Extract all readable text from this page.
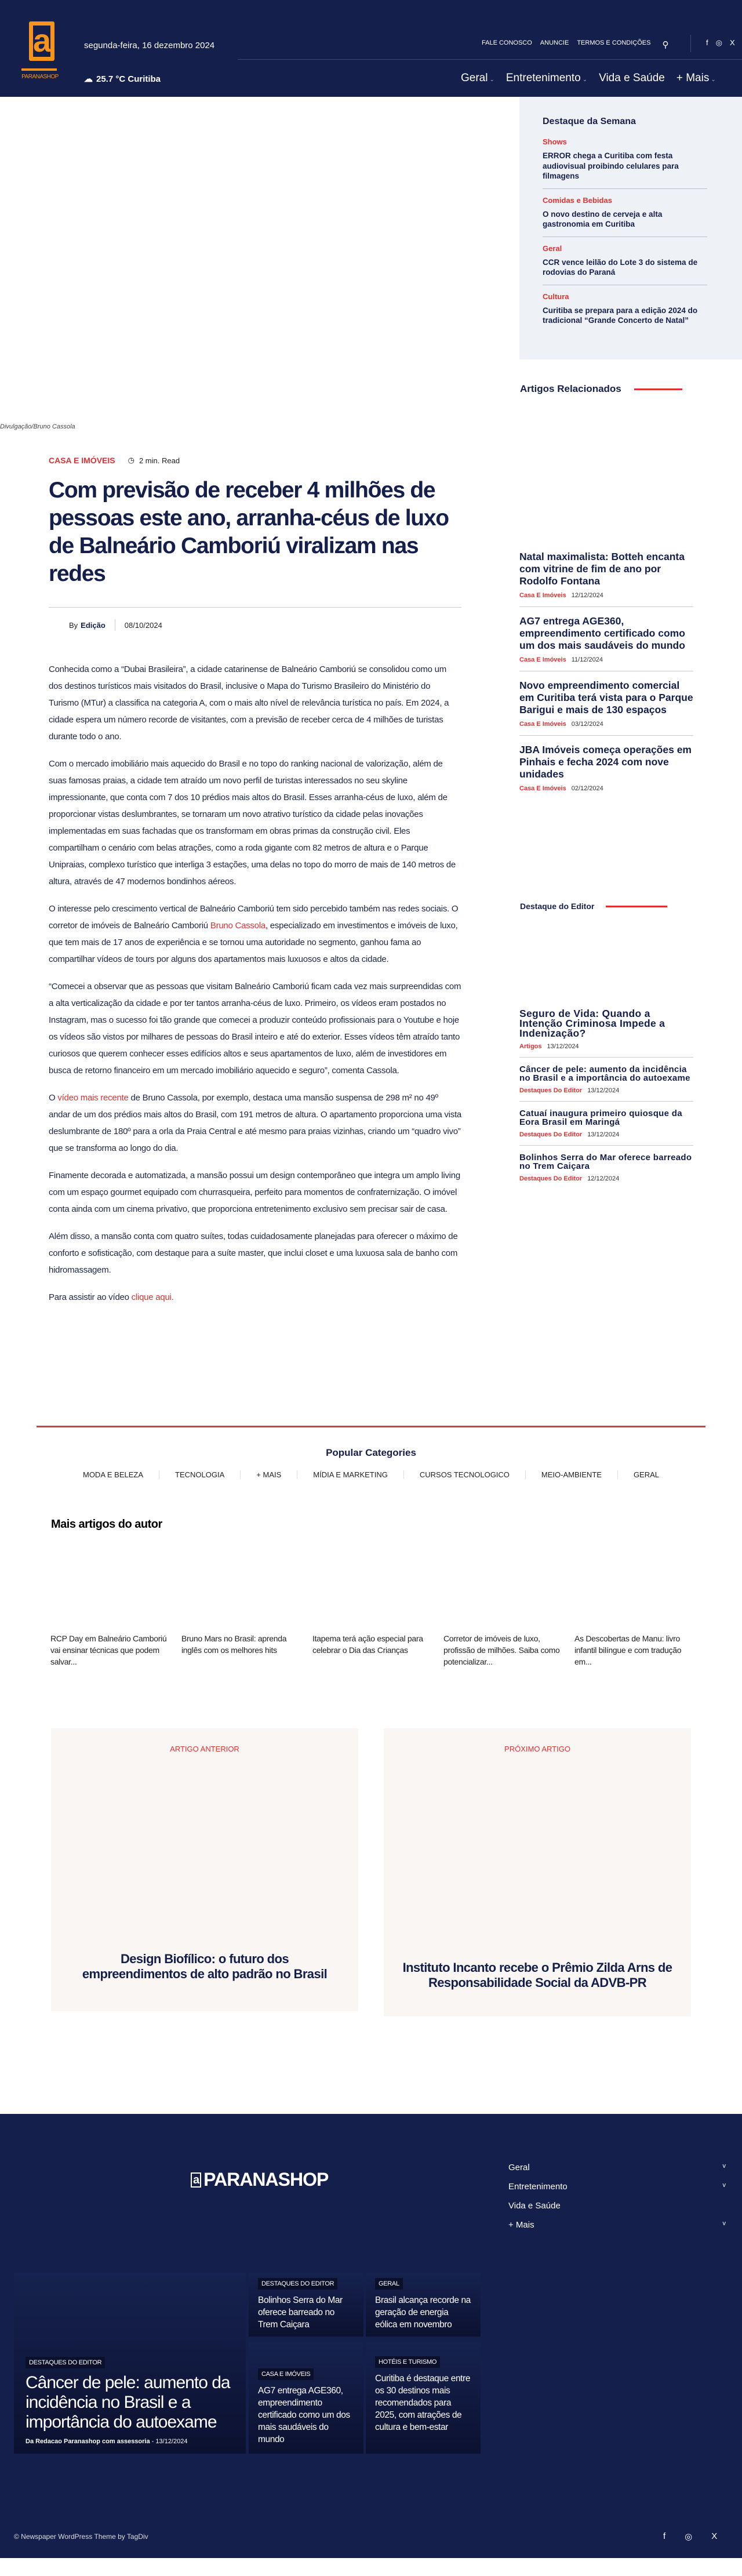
a
PARANASHOP
segunda-feira, 16 dezembro 2024
☁ 25.7 °C Curitiba
FALE CONOSCO ANUNCIE TERMOS E CONDIÇÕES ⚲	f ◎ X
Geral ⌄ Entretenimento ⌄ Vida e Saúde + Mais ⌄
Destaque da Semana
Shows
ERROR chega a Curitiba com festa audiovisual proibindo celulares para filmagens
Comidas e Bebidas
O novo destino de cerveja e alta gastronomia em Curitiba
Geral
CCR vence leilão do Lote 3 do sistema de rodovias do Paraná
Cultura
Curitiba se prepara para a edição 2024 do tradicional “Grande Concerto de Natal”
Artigos Relacionados
Natal maximalista: Botteh encanta com vitrine de fim de ano por Rodolfo Fontana
Casa E Imóveis 12/12/2024
AG7 entrega AGE360, empreendimento certificado como um dos mais saudáveis do mundo
Casa E Imóveis 11/12/2024
Novo empreendimento comercial em Curitiba terá vista para o Parque Barigui e mais de 130 espaços
Casa E Imóveis 03/12/2024
JBA Imóveis começa operações em Pinhais e fecha 2024 com nove unidades
Casa E Imóveis 02/12/2024
Destaque do Editor
Seguro de Vida: Quando a Intenção Criminosa Impede a Indenização?
Artigos 13/12/2024
Câncer de pele: aumento da incidência no Brasil e a importância do autoexame
Destaques Do Editor 13/12/2024
Catuaí inaugura primeiro quiosque da Eora Brasil em Maringá
Destaques Do Editor 13/12/2024
Bolinhos Serra do Mar oferece barreado no Trem Caiçara
Destaques Do Editor 12/12/2024
Divulgação/Bruno Cassola
CASA E IMÓVEIS ◷ 2 min. Read
Com previsão de receber 4 milhões de pessoas este ano, arranha-céus de luxo de Balneário Camboriú viralizam nas redes
By Edição	08/10/2024

Conhecida como a “Dubai Brasileira”, a cidade catarinense de Balneário Camboriú se consolidou como um dos destinos turísticos mais visitados do Brasil, inclusive o Mapa do Turismo Brasileiro do Ministério do Turismo (MTur) a classifica na categoria A, com o mais alto nível de relevância turística no país. Em 2024, a cidade espera um número recorde de visitantes, com a previsão de receber cerca de 4 milhões de turistas durante todo o ano.

Com o mercado imobiliário mais aquecido do Brasil e no topo do ranking nacional de valorização, além de suas famosas praias, a cidade tem atraído um novo perfil de turistas interessados no seu skyline impressionante, que conta com 7 dos 10 prédios mais altos do Brasil. Esses arranha-céus de luxo, além de proporcionar vistas deslumbrantes, se tornaram um novo atrativo turístico da cidade pelas inovações implementadas em suas fachadas que os transformam em obras primas da construção civil. Eles compartilham o cenário com belas atrações, como a roda gigante com 82 metros de altura e o Parque Unipraias, complexo turístico que interliga 3 estações, uma delas no topo do morro de mais de 140 metros de altura, através de 47 modernos bondinhos aéreos.

O interesse pelo crescimento vertical de Balneário Camboriú tem sido percebido também nas redes sociais. O corretor de imóveis de Balneário Camboriú Bruno Cassola, especializado em investimentos e imóveis de luxo, que tem mais de 17 anos de experiência e se tornou uma autoridade no segmento, ganhou fama ao compartilhar vídeos de tours por alguns dos apartamentos mais luxuosos e altos da cidade.

“Comecei a observar que as pessoas que visitam Balneário Camboriú ficam cada vez mais surpreendidas com a alta verticalização da cidade e por ter tantos arranha-céus de luxo. Primeiro, os vídeos eram postados no Instagram, mas o sucesso foi tão grande que comecei a produzir conteúdo profissionais para o Youtube e hoje os vídeos são vistos por milhares de pessoas do Brasil inteiro e até do exterior. Esses vídeos têm atraído tanto curiosos que querem conhecer esses edifícios altos e seus apartamentos de luxo, além de investidores em busca de retorno financeiro em um mercado imobiliário aquecido e seguro”, comenta Cassola.

O vídeo mais recente de Bruno Cassola, por exemplo, destaca uma mansão suspensa de 298 m² no 49º andar de um dos prédios mais altos do Brasil, com 191 metros de altura. O apartamento proporciona uma vista deslumbrante de 180º para a orla da Praia Central e até mesmo para praias vizinhas, criando um “quadro vivo” que se transforma ao longo do dia.

Finamente decorada e automatizada, a mansão possui um design contemporâneo que integra um amplo living com um espaço gourmet equipado com churrasqueira, perfeito para momentos de confraternização. O imóvel conta ainda com um cinema privativo, que proporciona entretenimento exclusivo sem precisar sair de casa.

Além disso, a mansão conta com quatro suítes, todas cuidadosamente planejadas para oferecer o máximo de conforto e sofisticação, com destaque para a suíte master, que inclui closet e uma luxuosa sala de banho com hidromassagem.

Para assistir ao vídeo clique aqui.

Popular Categories
MODA E BELEZA	TECNOLOGIA	+ MAIS	MÍDIA E MARKETING	CURSOS TECNOLOGICO	MEIO-AMBIENTE	GERAL
Mais artigos do autor
RCP Day em Balneário Camboriú vai ensinar técnicas que podem salvar...
Bruno Mars no Brasil: aprenda inglês com os melhores hits
Itapema terá ação especial para celebrar o Dia das Crianças
Corretor de imóveis de luxo, profissão de milhões. Saiba como potencializar...
As Descobertas de Manu: livro infantil bilíngue e com tradução em...
ARTIGO ANTERIOR
Design Biofílico: o futuro dos empreendimentos de alto padrão no Brasil
PRÓXIMO ARTIGO
Instituto Incanto recebe o Prêmio Zilda Arns de Responsabilidade Social da ADVB-PR
a PARANASHOP
Geral	v
Entretenimento	v
Vida e Saúde
+ Mais	v
DESTAQUES DO EDITOR
Câncer de pele: aumento da incidência no Brasil e a importância do autoexame
Da Redacao Paranashop com assessoria - 13/12/2024
DESTAQUES DO EDITOR
Bolinhos Serra do Mar oferece barreado no Trem Caiçara
GERAL
Brasil alcança recorde na geração de energia eólica em novembro
CASA E IMÓVEIS
AG7 entrega AGE360, empreendimento certificado como um dos mais saudáveis do mundo
HOTÉIS E TURISMO
Curitiba é destaque entre os 30 destinos mais recomendados para 2025, com atrações de cultura e bem-estar
© Newspaper WordPress Theme by TagDiv	f ◎ X
